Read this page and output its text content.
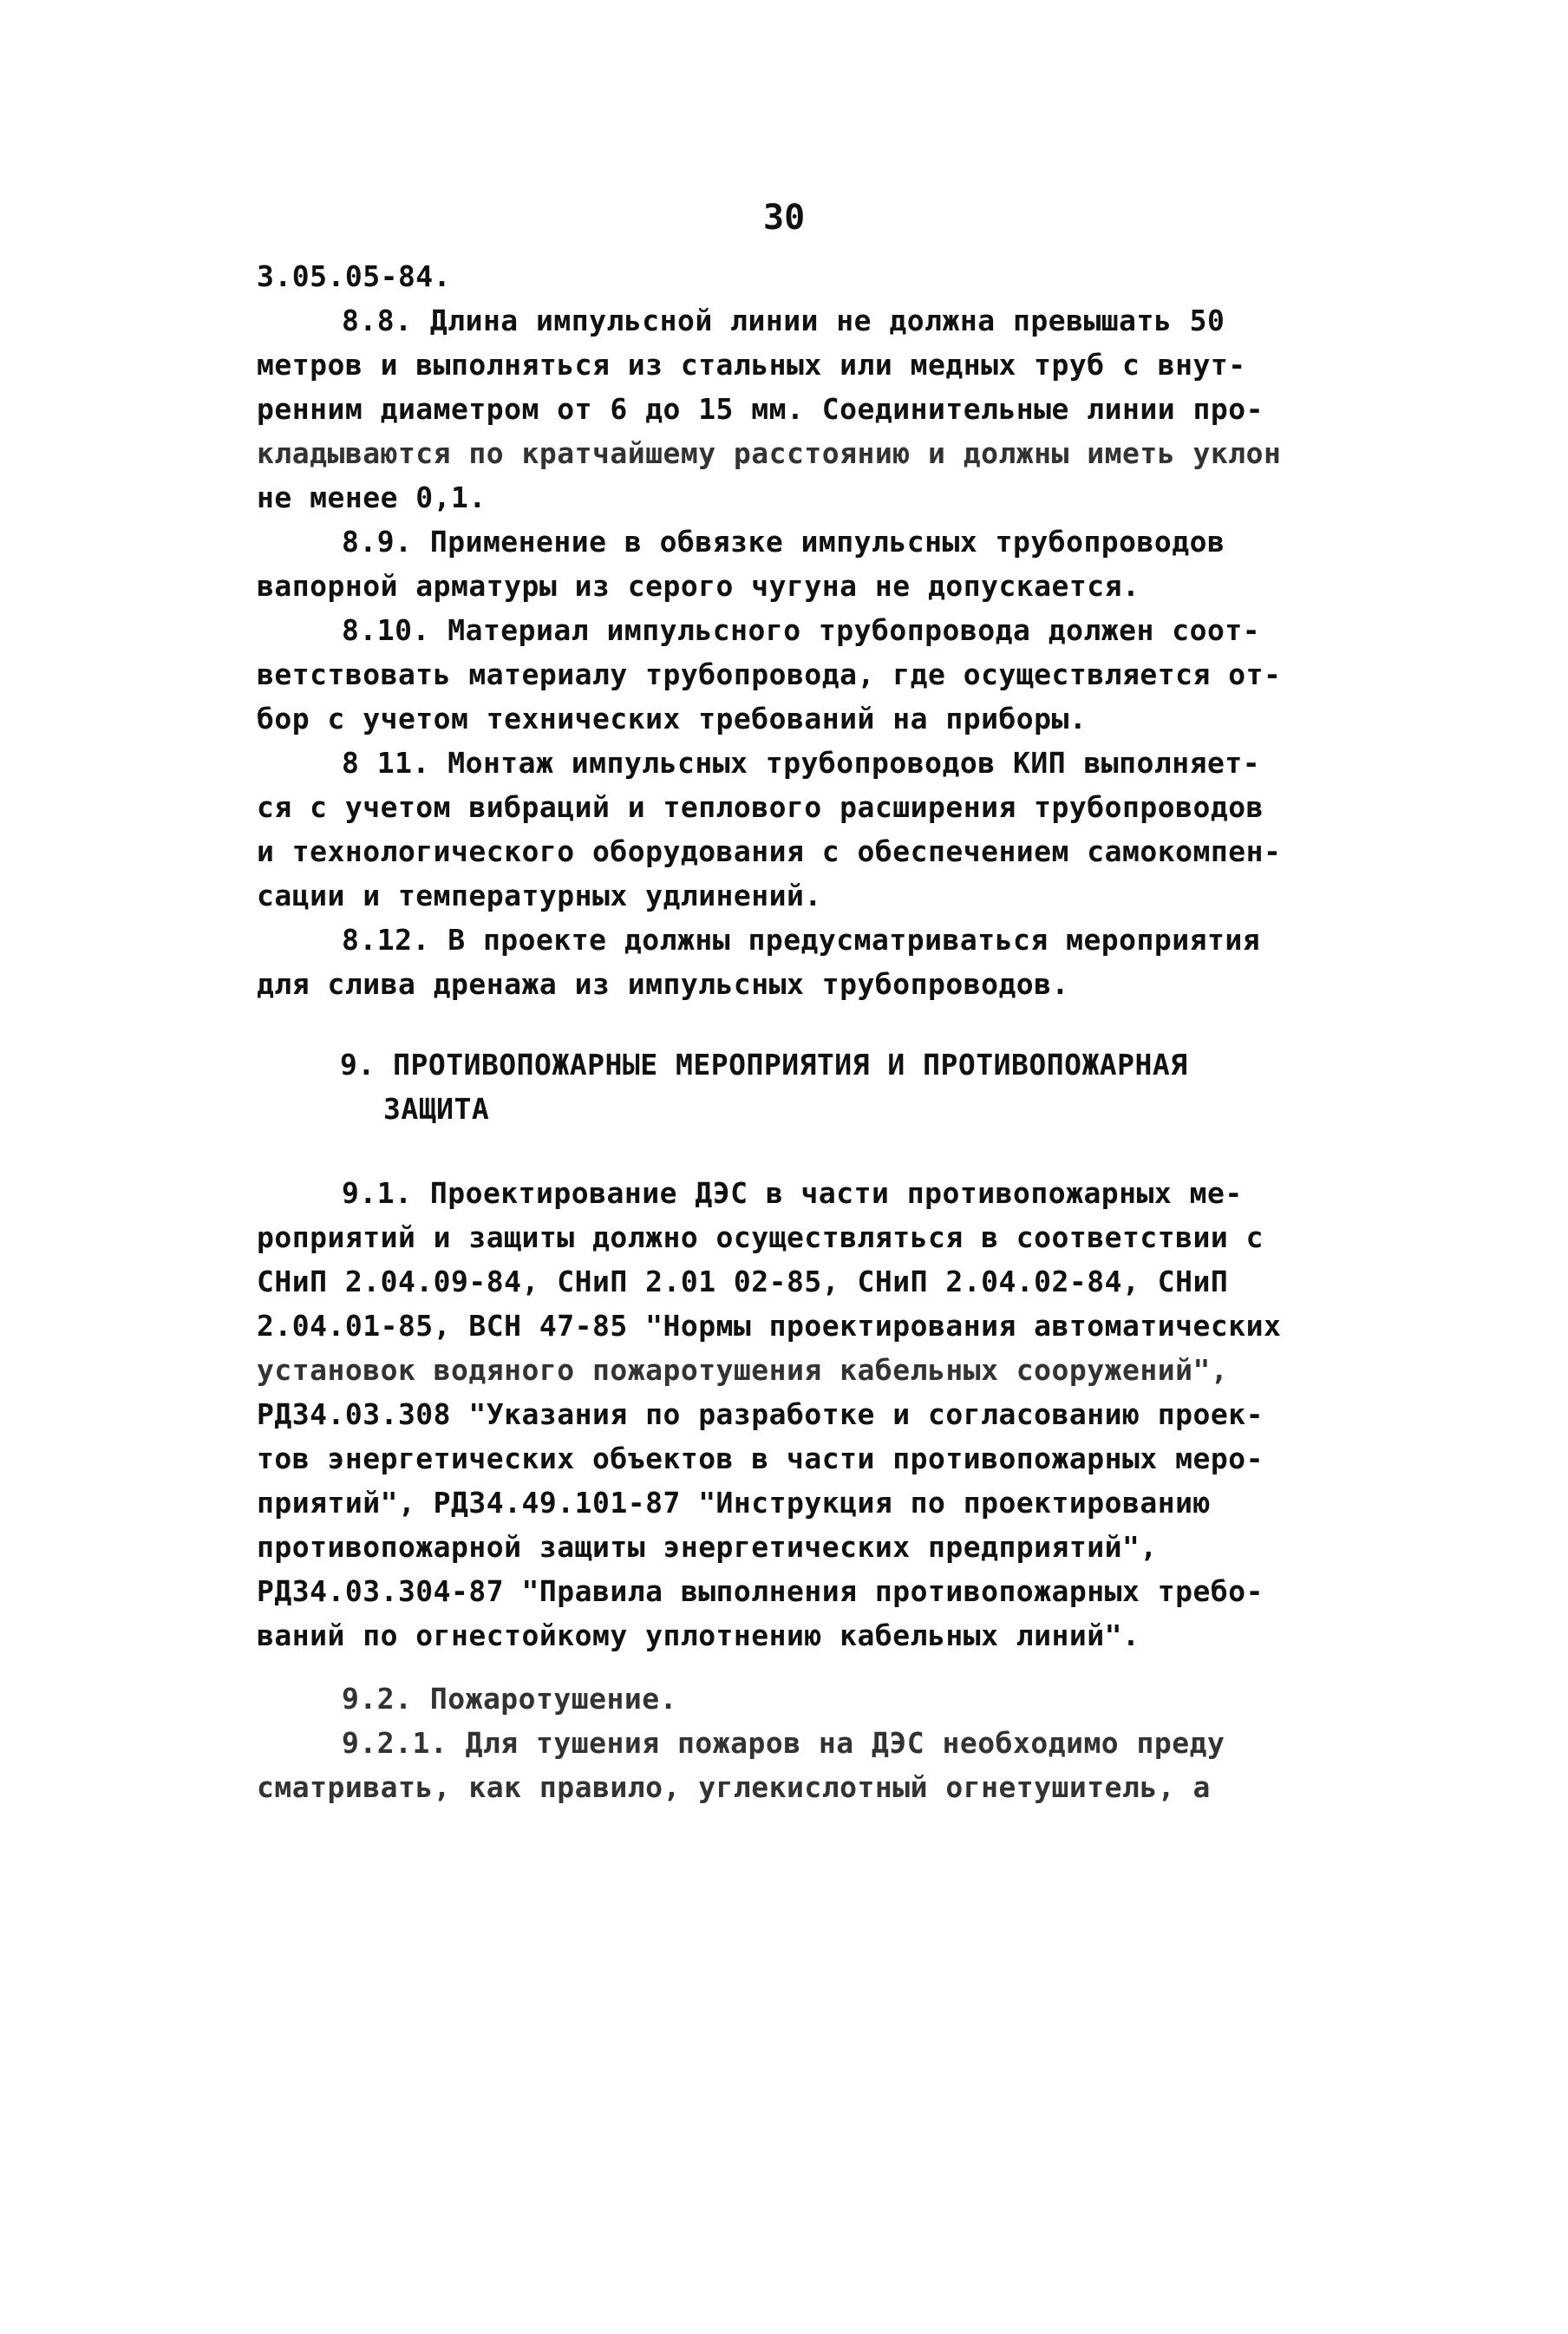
30
3.05.05-84.
8.8. Длина импульсной линии не должна превышать 50
метров и выполняться из стальных или медных труб с внут-
ренним диаметром от 6 до 15 мм. Соединительные линии про-
кладываются по кратчайшему расстоянию и должны иметь уклон
не менее 0,1.
8.9. Применение в обвязке импульсных трубопроводов
вапорной арматуры из серого чугуна не допускается.
8.10. Материал импульсного трубопровода должен соот-
ветствовать материалу трубопровода, где осуществляется от-
бор с учетом технических требований на приборы.
8 11. Монтаж импульсных трубопроводов КИП выполняет-
ся с учетом вибраций и теплового расширения трубопроводов
и технологического оборудования с обеспечением самокомпен-
сации и температурных удлинений.
8.12. В проекте должны предусматриваться мероприятия
для слива дренажа из импульсных трубопроводов.
9. ПРОТИВОПОЖАРНЫЕ МЕРОПРИЯТИЯ И ПРОТИВОПОЖАРНАЯ
ЗАЩИТА
9.1. Проектирование ДЭС в части противопожарных ме-
роприятий и защиты должно осуществляться в соответствии с
СНиП 2.04.09-84, СНиП 2.01 02-85, СНиП 2.04.02-84, СНиП
2.04.01-85, ВСН 47-85 "Нормы проектирования автоматических
установок водяного пожаротушения кабельных сооружений",
РД34.03.308 "Указания по разработке и согласованию проек-
тов энергетических объектов в части противопожарных меро-
приятий", РД34.49.101-87 "Инструкция по проектированию
противопожарной защиты энергетических предприятий",
РД34.03.304-87 "Правила выполнения противопожарных требо-
ваний по огнестойкому уплотнению кабельных линий".
9.2. Пожаротушение.
9.2.1. Для тушения пожаров на ДЭС необходимо преду
сматривать, как правило, углекислотный огнетушитель, а
